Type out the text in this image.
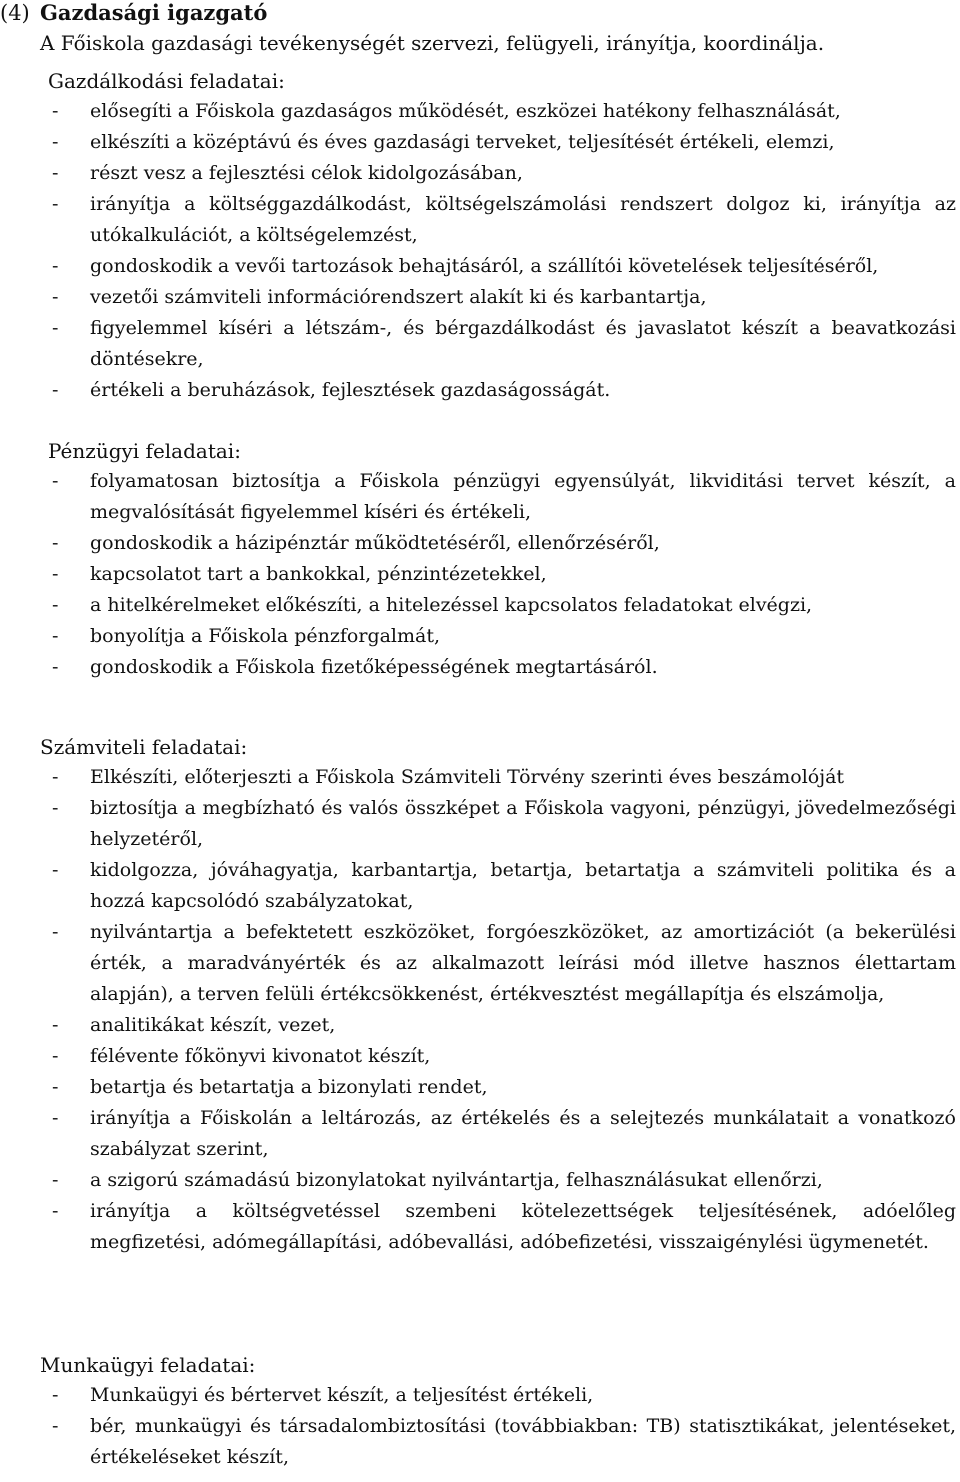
(4) Gazdasági igazgató
A Főiskola gazdasági tevékenységét szervezi, felügyeli, irányítja, koordinálja.
Gazdálkodási feladatai:
- elősegíti a Főiskola gazdaságos működését, eszközei hatékony felhasználását,
- elkészíti a középtávú és éves gazdasági terveket, teljesítését értékeli, elemzi,
- részt vesz a fejlesztési célok kidolgozásában,
- irányítja a költséggazdálkodást, költségelszámolási rendszert dolgoz ki, irányítja az utókalkulációt, a költségelemzést,
- gondoskodik a vevői tartozások behajtásáról, a szállítói követelések teljesítéséről,
- vezetői számviteli információrendszert alakít ki és karbantartja,
- figyelemmel kíséri a létszám-, és bérgazdálkodást és javaslatot készít a beavatkozási döntésekre,
- értékeli a beruházások, fejlesztések gazdaságosságát.
Pénzügyi feladatai:
- folyamatosan biztosítja a Főiskola pénzügyi egyensúlyát, likviditási tervet készít, a megvalósítását figyelemmel kíséri és értékeli,
- gondoskodik a házipénztár működtetéséről, ellenőrzéséről,
- kapcsolatot tart a bankokkal, pénzintézetekkel,
- a hitelkérelmeket előkészíti, a hitelezéssel kapcsolatos feladatokat elvégzi,
- bonyolítja a Főiskola pénzforgalmát,
- gondoskodik a Főiskola fizetőképességének megtartásáról.
Számviteli feladatai:
- Elkészíti, előterjeszti a Főiskola Számviteli Törvény szerinti éves beszámolóját
- biztosítja a megbízható és valós összképet a Főiskola vagyoni, pénzügyi, jövedelmezőségi helyzetéről,
- kidolgozza, jóváhagyatja, karbantartja, betartja, betartatja a számviteli politika és a hozzá kapcsolódó szabályzatokat,
- nyilvántartja a befektetett eszközöket, forgóeszközöket, az amortizációt (a bekerülési érték, a maradványérték és az alkalmazott leírási mód illetve hasznos élettartam alapján), a terven felüli értékcsökkenést, értékvesztést megállapítja és elszámolja,
- analitikákat készít, vezet,
- félévente főkönyvi kivonatot készít,
- betartja és betartatja a bizonylati rendet,
- irányítja a Főiskolán a leltározás, az értékelés és a selejtezés munkálatait a vonatkozó szabályzat szerint,
- a szigorú számadású bizonylatokat nyilvántartja, felhasználásukat ellenőrzi,
- irányítja a költségvetéssel szembeni kötelezettségek teljesítésének, adóelőleg megfizetési, adómegállapítási, adóbevallási, adóbefizetési, visszaigénylési ügymenetét.
Munkaügyi feladatai:
- Munkaügyi és bértervet készít, a teljesítést értékeli,
- bér, munkaügyi és társadalombiztosítási (továbbiakban: TB) statisztikákat, jelentéseket, értékeléseket készít,
